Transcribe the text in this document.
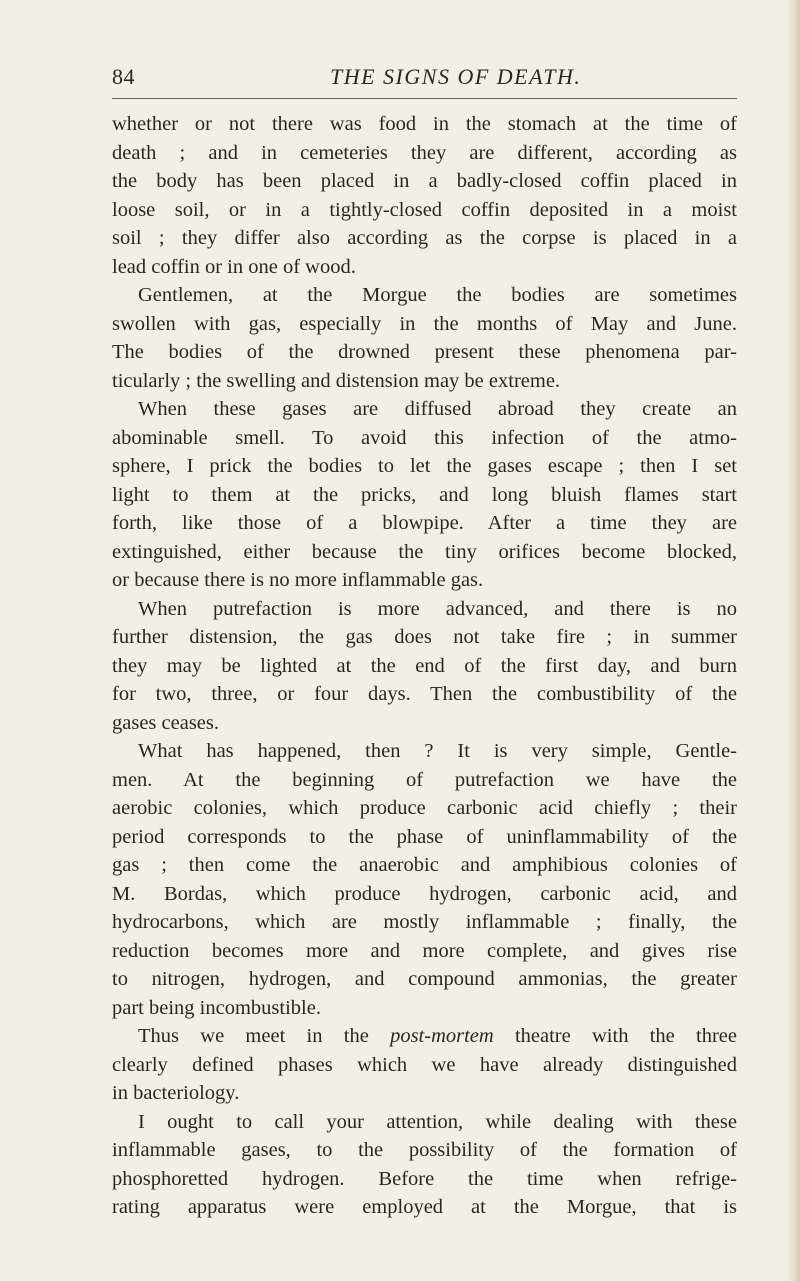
84	THE SIGNS OF DEATH.
whether or not there was food in the stomach at the time of
death ; and in cemeteries they are different, according as
the body has been placed in a badly-closed coffin placed in
loose soil, or in a tightly-closed coffin deposited in a moist
soil ; they differ also according as the corpse is placed in a
lead coffin or in one of wood.
Gentlemen, at the Morgue the bodies are sometimes
swollen with gas, especially in the months of May and June.
The bodies of the drowned present these phenomena par-
ticularly ; the swelling and distension may be extreme.
When these gases are diffused abroad they create an
abominable smell. To avoid this infection of the atmo-
sphere, I prick the bodies to let the gases escape ; then I set
light to them at the pricks, and long bluish flames start
forth, like those of a blowpipe. After a time they are
extinguished, either because the tiny orifices become blocked,
or because there is no more inflammable gas.
When putrefaction is more advanced, and there is no
further distension, the gas does not take fire ; in summer
they may be lighted at the end of the first day, and burn
for two, three, or four days. Then the combustibility of the
gases ceases.
What has happened, then ? It is very simple, Gentle-
men. At the beginning of putrefaction we have the
aerobic colonies, which produce carbonic acid chiefly ; their
period corresponds to the phase of uninflammability of the
gas ; then come the anaerobic and amphibious colonies of
M. Bordas, which produce hydrogen, carbonic acid, and
hydrocarbons, which are mostly inflammable ; finally, the
reduction becomes more and more complete, and gives rise
to nitrogen, hydrogen, and compound ammonias, the greater
part being incombustible.
Thus we meet in the post-mortem theatre with the three
clearly defined phases which we have already distinguished
in bacteriology.
I ought to call your attention, while dealing with these
inflammable gases, to the possibility of the formation of
phosphoretted hydrogen. Before the time when refrige-
rating apparatus were employed at the Morgue, that is
